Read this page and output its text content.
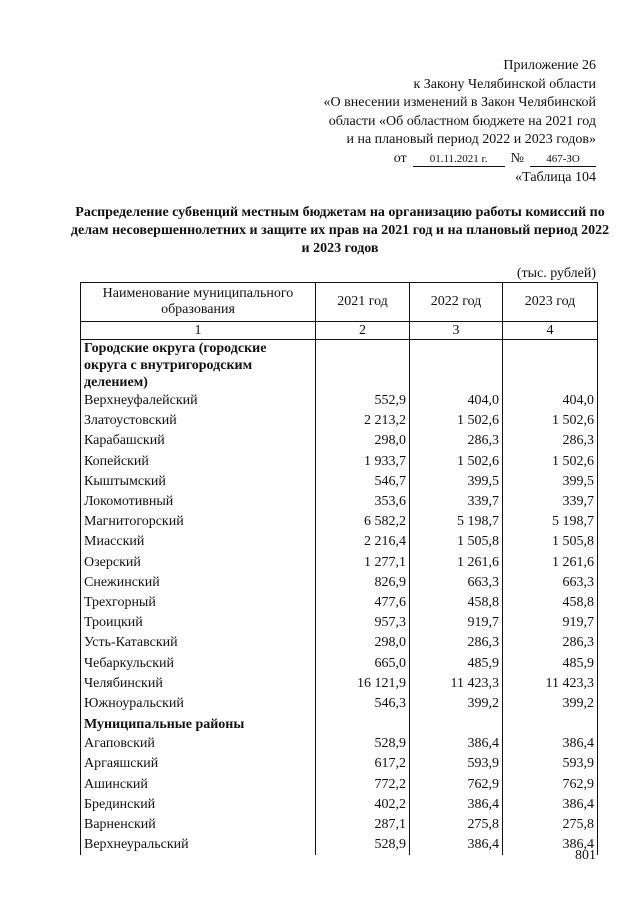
Приложение 26
к Закону Челябинской области
«О внесении изменений в Закон Челябинской
области «Об областном бюджете на 2021 год
и на плановый период 2022 и 2023 годов»
от	01.11.2021 г.	№	467-ЗО
«Таблица 104
Распределение субвенций местным бюджетам на организацию работы комиссий по делам несовершеннолетних и защите их прав на 2021 год и на плановый период 2022 и 2023 годов
(тыс. рублей)
Наименование муниципального образования	2021 год	2022 год	2023 год
1	2	3	4
Городские округа (городские округа с внутригородским делением)			
Верхнеуфалейский	552,9	404,0	404,0
Златоустовский	2 213,2	1 502,6	1 502,6
Карабашский	298,0	286,3	286,3
Копейский	1 933,7	1 502,6	1 502,6
Кыштымский	546,7	399,5	399,5
Локомотивный	353,6	339,7	339,7
Магнитогорский	6 582,2	5 198,7	5 198,7
Миасский	2 216,4	1 505,8	1 505,8
Озерский	1 277,1	1 261,6	1 261,6
Снежинский	826,9	663,3	663,3
Трехгорный	477,6	458,8	458,8
Троицкий	957,3	919,7	919,7
Усть-Катавский	298,0	286,3	286,3
Чебаркульский	665,0	485,9	485,9
Челябинский	16 121,9	11 423,3	11 423,3
Южноуральский	546,3	399,2	399,2
Муниципальные районы			
Агаповский	528,9	386,4	386,4
Аргаяшский	617,2	593,9	593,9
Ашинский	772,2	762,9	762,9
Брединский	402,2	386,4	386,4
Варненский	287,1	275,8	275,8
Верхнеуральский	528,9	386,4	386,4
801
